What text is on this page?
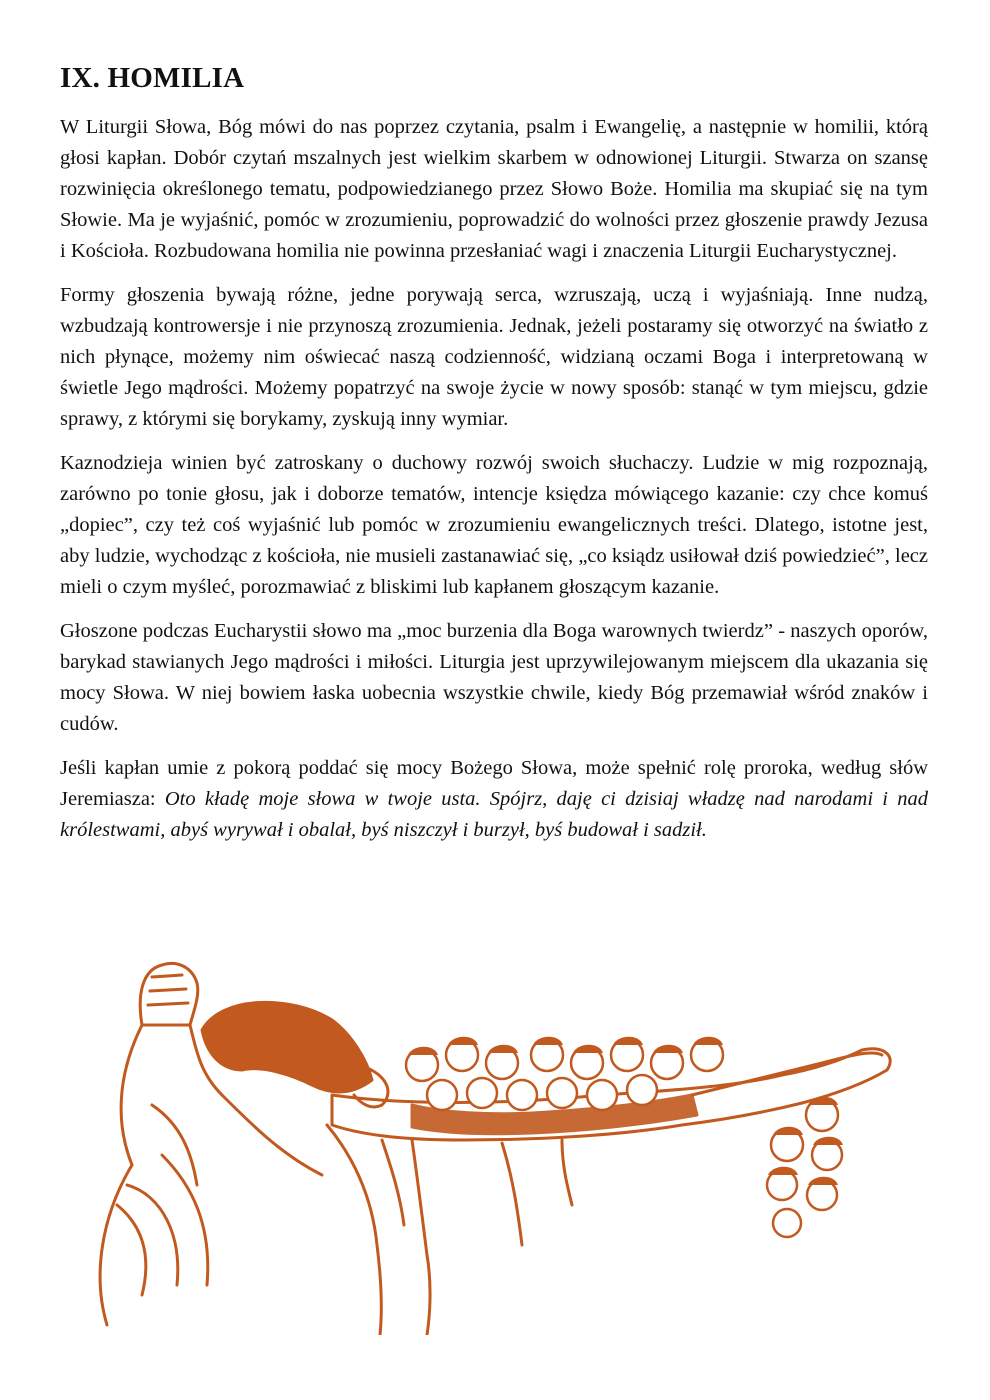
IX. HOMILIA

W Liturgii Słowa, Bóg mówi do nas poprzez czytania, psalm i Ewangelię, a następnie w homilii, którą głosi kapłan. Dobór czytań mszalnych jest wielkim skarbem w odnowionej Liturgii. Stwarza on szansę rozwinięcia określonego tematu, podpowiedzianego przez Słowo Boże. Homilia ma skupiać się na tym Słowie. Ma je wyjaśnić, pomóc w zrozumieniu, poprowadzić do wolności przez głoszenie prawdy Jezusa i Kościoła. Rozbudowana homilia nie powinna przesłaniać wagi i znaczenia Liturgii Eucharystycznej.

Formy głoszenia bywają różne, jedne porywają serca, wzruszają, uczą i wyjaśniają. Inne nudzą, wzbudzają kontrowersje i nie przynoszą zrozumienia. Jednak, jeżeli postaramy się otworzyć na światło z nich płynące, możemy nim oświecać naszą codzienność, widzianą oczami Boga i interpretowaną w świetle Jego mądrości. Możemy popatrzyć na swoje życie w nowy sposób: stanąć w tym miejscu, gdzie sprawy, z którymi się borykamy, zyskują inny wymiar.

Kaznodzieja winien być zatroskany o duchowy rozwój swoich słuchaczy. Ludzie w mig rozpoznają, zarówno po tonie głosu, jak i doborze tematów, intencje księdza mówiącego kazanie: czy chce komuś „dopiec”, czy też coś wyjaśnić lub pomóc w zrozumieniu ewangelicznych treści. Dlatego, istotne jest, aby ludzie, wychodząc z kościoła, nie musieli zastanawiać się, „co ksiądz usiłował dziś powiedzieć”, lecz mieli o czym myśleć, porozmawiać z bliskimi lub kapłanem głoszącym kazanie.

Głoszone podczas Eucharystii słowo ma „moc burzenia dla Boga warownych twierdz” - naszych oporów, barykad stawianych Jego mądrości i miłości. Liturgia jest uprzywilejowanym miejscem dla ukazania się mocy Słowa. W niej bowiem łaska uobecnia wszystkie chwile, kiedy Bóg przemawiał wśród znaków i cudów.

Jeśli kapłan umie z pokorą poddać się mocy Bożego Słowa, może spełnić rolę proroka, według słów Jeremiasza: Oto kładę moje słowa w twoje usta. Spójrz, daję ci dzisiaj władzę nad narodami i nad królestwami, abyś wyrywał i obalał, byś niszczył i burzył, byś budował i sadził.
